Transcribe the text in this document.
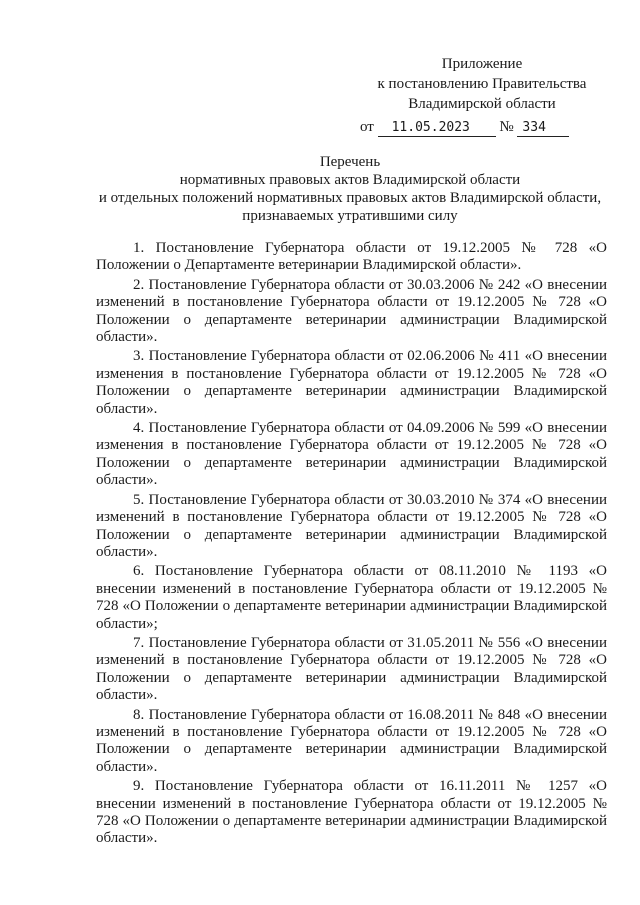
Приложение
к постановлению Правительства
Владимирской области
от 11.05.2023 № 334
Перечень
нормативных правовых актов Владимирской области
и отдельных положений нормативных правовых актов Владимирской области,
признаваемых утратившими силу

1. Постановление Губернатора области от 19.12.2005 № 728 «О Положении о Департаменте ветеринарии Владимирской области».

2. Постановление Губернатора области от 30.03.2006 № 242 «О внесении изменений в постановление Губернатора области от 19.12.2005 № 728 «О Положении о департаменте ветеринарии администрации Владимирской области».

3. Постановление Губернатора области от 02.06.2006 № 411 «О внесении изменения в постановление Губернатора области от 19.12.2005 № 728 «О Положении о департаменте ветеринарии администрации Владимирской области».

4. Постановление Губернатора области от 04.09.2006 № 599 «О внесении изменения в постановление Губернатора области от 19.12.2005 № 728 «О Положении о департаменте ветеринарии администрации Владимирской области».

5. Постановление Губернатора области от 30.03.2010 № 374 «О внесении изменений в постановление Губернатора области от 19.12.2005 № 728 «О Положении о департаменте ветеринарии администрации Владимирской области».

6. Постановление Губернатора области от 08.11.2010 № 1193 «О внесении изменений в постановление Губернатора области от 19.12.2005 № 728 «О Положении о департаменте ветеринарии администрации Владимирской области»;

7. Постановление Губернатора области от 31.05.2011 № 556 «О внесении изменений в постановление Губернатора области от 19.12.2005 № 728 «О Положении о департаменте ветеринарии администрации Владимирской области».

8. Постановление Губернатора области от 16.08.2011 № 848 «О внесении изменений в постановление Губернатора области от 19.12.2005 № 728 «О Положении о департаменте ветеринарии администрации Владимирской области».

9. Постановление Губернатора области от 16.11.2011 № 1257 «О внесении изменений в постановление Губернатора области от 19.12.2005 № 728 «О Положении о департаменте ветеринарии администрации Владимирской области».
